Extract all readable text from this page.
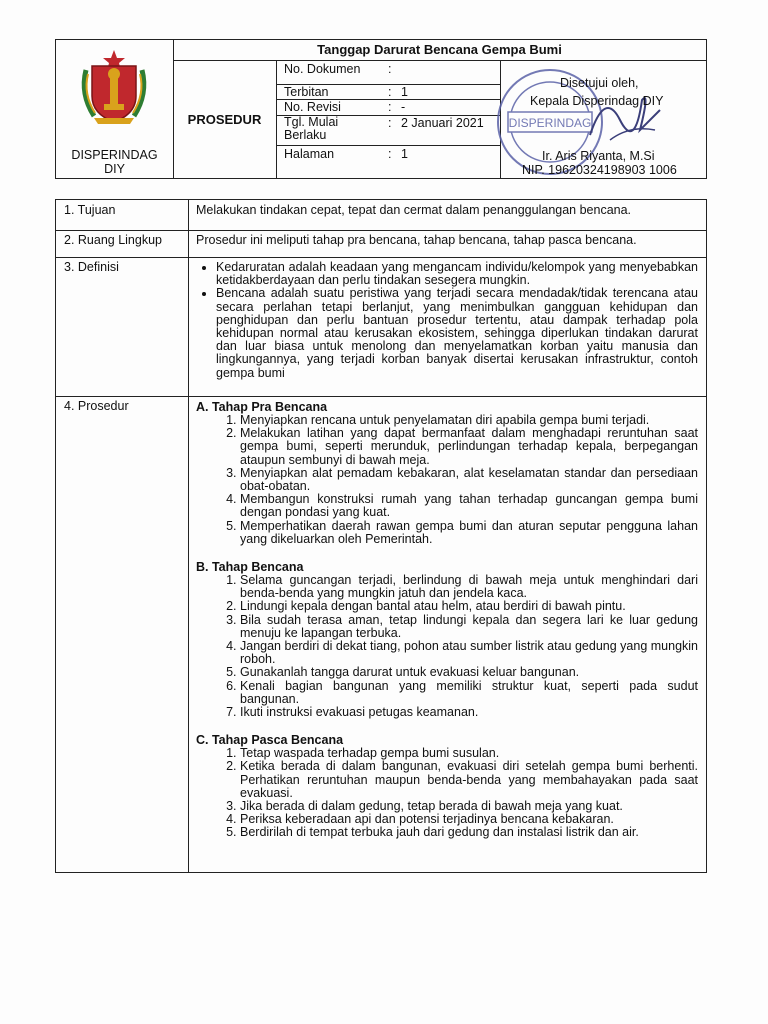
DISPERINDAG
DIY
Tanggap Darurat Bencana Gempa Bumi
PROSEDUR
No. Dokumen :
Terbitan	: 1
No. Revisi	: -
Tgl. Mulai Berlaku
: 2 Januari 2021
Halaman	: 1
DISPERINDAG
Disetujui oleh,
Kepala Disperindag DIY
Ir. Aris Riyanta, M.Si
NIP. 19620324198903 1006
1. Tujuan	Melakukan tindakan cepat, tepat dan cermat dalam penanggulangan bencana.
2. Ruang Lingkup	Prosedur ini meliputi tahap pra bencana, tahap bencana, tahap pasca bencana.
3. Definisi
•	Kedaruratan adalah keadaan yang mengancam individu/kelompok yang menyebabkan ketidakberdayaan dan perlu tindakan sesegera mungkin.
• Bencana adalah suatu peristiwa yang terjadi secara mendadak/tidak terencana atau secara perlahan tetapi berlanjut, yang menimbulkan gangguan kehidupan dan penghidupan dan perlu bantuan prosedur tertentu, atau dampak terhadap pola kehidupan normal atau kerusakan ekosistem, sehingga diperlukan tindakan darurat dan luar biasa untuk menolong dan menyelamatkan korban yaitu manusia dan lingkungannya, yang terjadi korban banyak disertai kerusakan infrastruktur, contoh gempa bumi
4. Prosedur	A. Tahap Pra Bencana
1. Menyiapkan rencana untuk penyelamatan diri apabila gempa bumi terjadi.
2. Melakukan latihan yang dapat bermanfaat dalam menghadapi reruntuhan saat gempa bumi, seperti merunduk, perlindungan terhadap kepala, berpegangan ataupun sembunyi di bawah meja.
3. Menyiapkan alat pemadam kebakaran, alat keselamatan standar dan persediaan obat-obatan.
4. Membangun konstruksi rumah yang tahan terhadap guncangan gempa bumi dengan pondasi yang kuat.
5. Memperhatikan daerah rawan gempa bumi dan aturan seputar pengguna lahan yang dikeluarkan oleh Pemerintah.
B. Tahap Bencana
1. Selama guncangan terjadi, berlindung di bawah meja untuk menghindari dari benda-benda yang mungkin jatuh dan jendela kaca.
2. Lindungi kepala dengan bantal atau helm, atau berdiri di bawah pintu.
3. Bila sudah terasa aman, tetap lindungi kepala dan segera lari ke luar gedung menuju ke lapangan terbuka.
4. Jangan berdiri di dekat tiang, pohon atau sumber listrik atau gedung yang mungkin roboh.
5. Gunakanlah tangga darurat untuk evakuasi keluar bangunan.
6. Kenali bagian bangunan yang memiliki struktur kuat, seperti pada sudut bangunan.
7. Ikuti instruksi evakuasi petugas keamanan.
C. Tahap Pasca Bencana
1. Tetap waspada terhadap gempa bumi susulan.
2. Ketika berada di dalam bangunan, evakuasi diri setelah gempa bumi berhenti. Perhatikan reruntuhan maupun benda-benda yang membahayakan pada saat evakuasi.
3. Jika berada di dalam gedung, tetap berada di bawah meja yang kuat.
4. Periksa keberadaan api dan potensi terjadinya bencana kebakaran.
5. Berdirilah di tempat terbuka jauh dari gedung dan instalasi listrik dan air.
